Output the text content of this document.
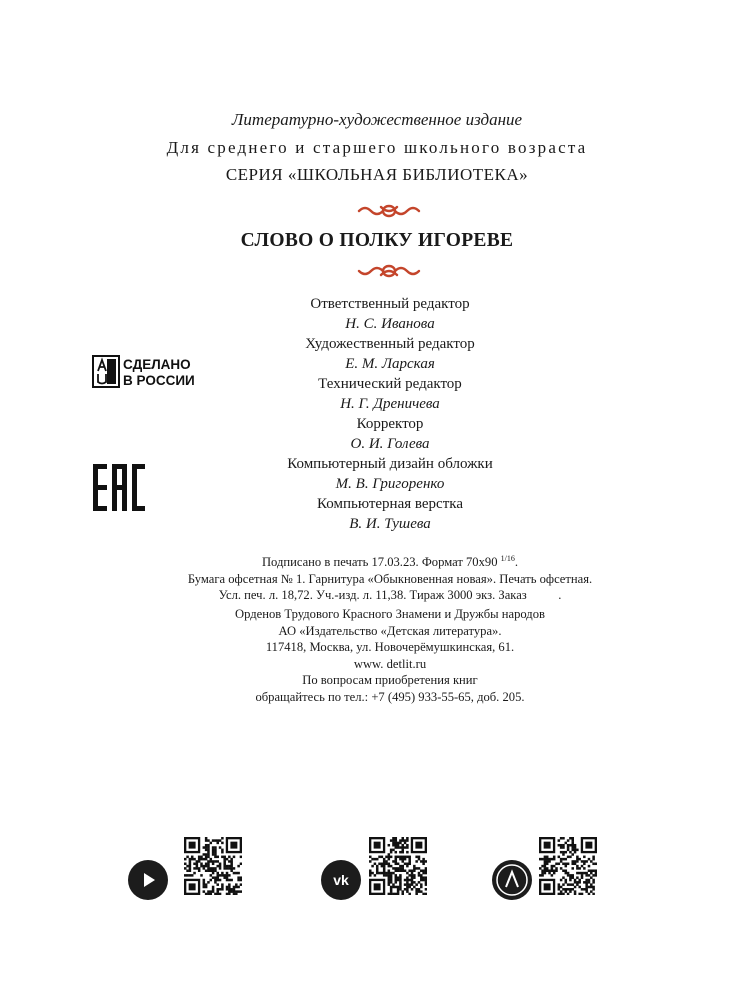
Литературно-художественное издание
Для среднего и старшего школьного возраста
СЕРИЯ «ШКОЛЬНАЯ БИБЛИОТЕКА»
СЛОВО О ПОЛКУ ИГОРЕВЕ
Ответственный редактор
Н. С. Иванова
Художественный редактор
Е. М. Ларская
Технический редактор
Н. Г. Дреничева
Корректор
О. И. Голева
Компьютерный дизайн обложки
М. В. Григоренко
Компьютерная верстка
В. И. Тушева
СДЕЛАНО
В РОССИИ

Подписано в печать 17.03.23. Формат 70х90 $^{1/16}$.

Бумага офсетная № 1. Гарнитура «Обыкновенная новая». Печать офсетная.

Усл. печ. л. 18,72. Уч.-изд. л. 11,38. Тираж 3000 экз. Заказ          .

Орденов Трудового Красного Знамени и Дружбы народов

АО «Издательство «Детская литература».

117418, Москва, ул. Новочерёмушкинская, 61.

www. detlit.ru

По вопросам приобретения книг

обращайтесь по тел.: +7 (495) 933-55-65, доб. 205.

vk
